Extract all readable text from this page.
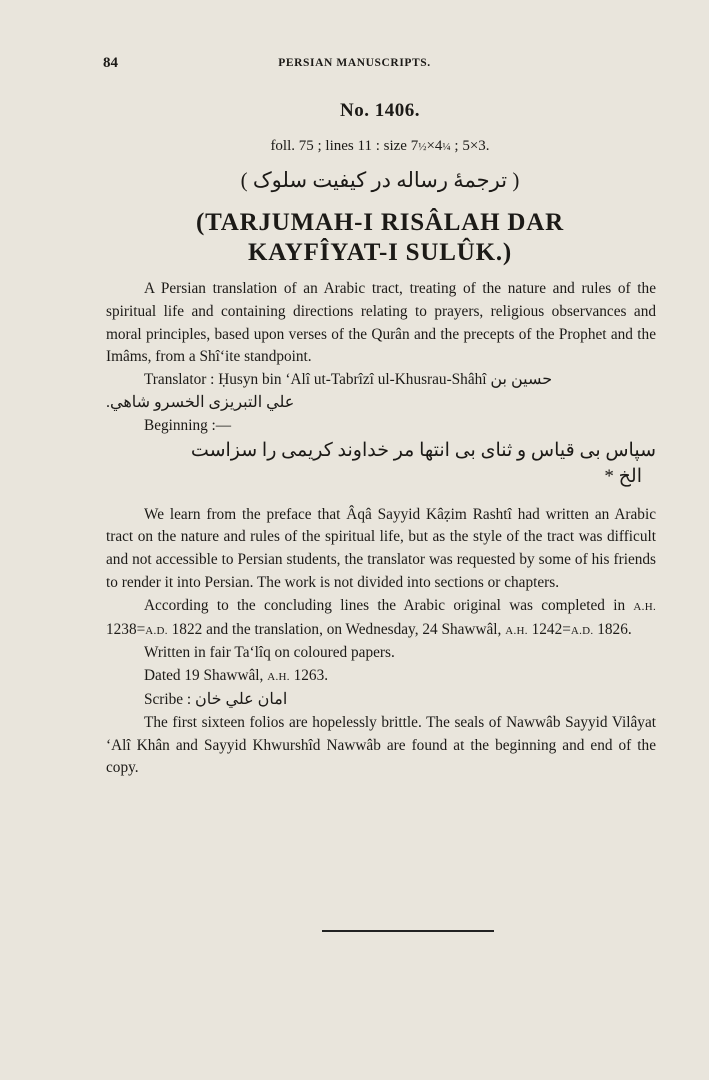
84	PERSIAN MANUSCRIPTS.
No. 1406.
foll. 75 ; lines 11 : size 7½×4¼ ; 5×3.
( ترجمهٔ رساله در کیفیت سلوک )
(TARJUMAH-I RISÂLAH DAR
KAYFÎYAT-I SULÛK.)

A Persian translation of an Arabic tract, treating of the nature and rules of the spiritual life and containing directions relating to prayers, religious observances and moral principles, based upon verses of the Qurân and the precepts of the Prophet and the Imâms, from a Shî‘ite standpoint.

Translator : Ḥusyn bin ‘Alî ut-Tabrîzî ul-Khusrau-Shâhî حسین بن

علي التبریزی الخسرو شاهي.

Beginning :—

سپاس بی قیاس و ثنای بی انتها مر خداوند کریمی را سزاست

الخ *

We learn from the preface that Âqâ Sayyid Kâẓim Rashtî had written an Arabic tract on the nature and rules of the spiritual life, but as the style of the tract was difficult and not accessible to Persian students, the translator was requested by some of his friends to render it into Persian. The work is not divided into sections or chapters.

According to the concluding lines the Arabic original was completed in A.H. 1238=A.D. 1822 and the translation, on Wednesday, 24 Shawwâl, A.H. 1242=A.D. 1826.

Written in fair Ta‘lîq on coloured papers.

Dated 19 Shawwâl, A.H. 1263.

Scribe : امان علي خان

The first sixteen folios are hopelessly brittle. The seals of Nawwâb Sayyid Vilâyat ‘Alî Khân and Sayyid Khwurshîd Nawwâb are found at the beginning and end of the copy.
